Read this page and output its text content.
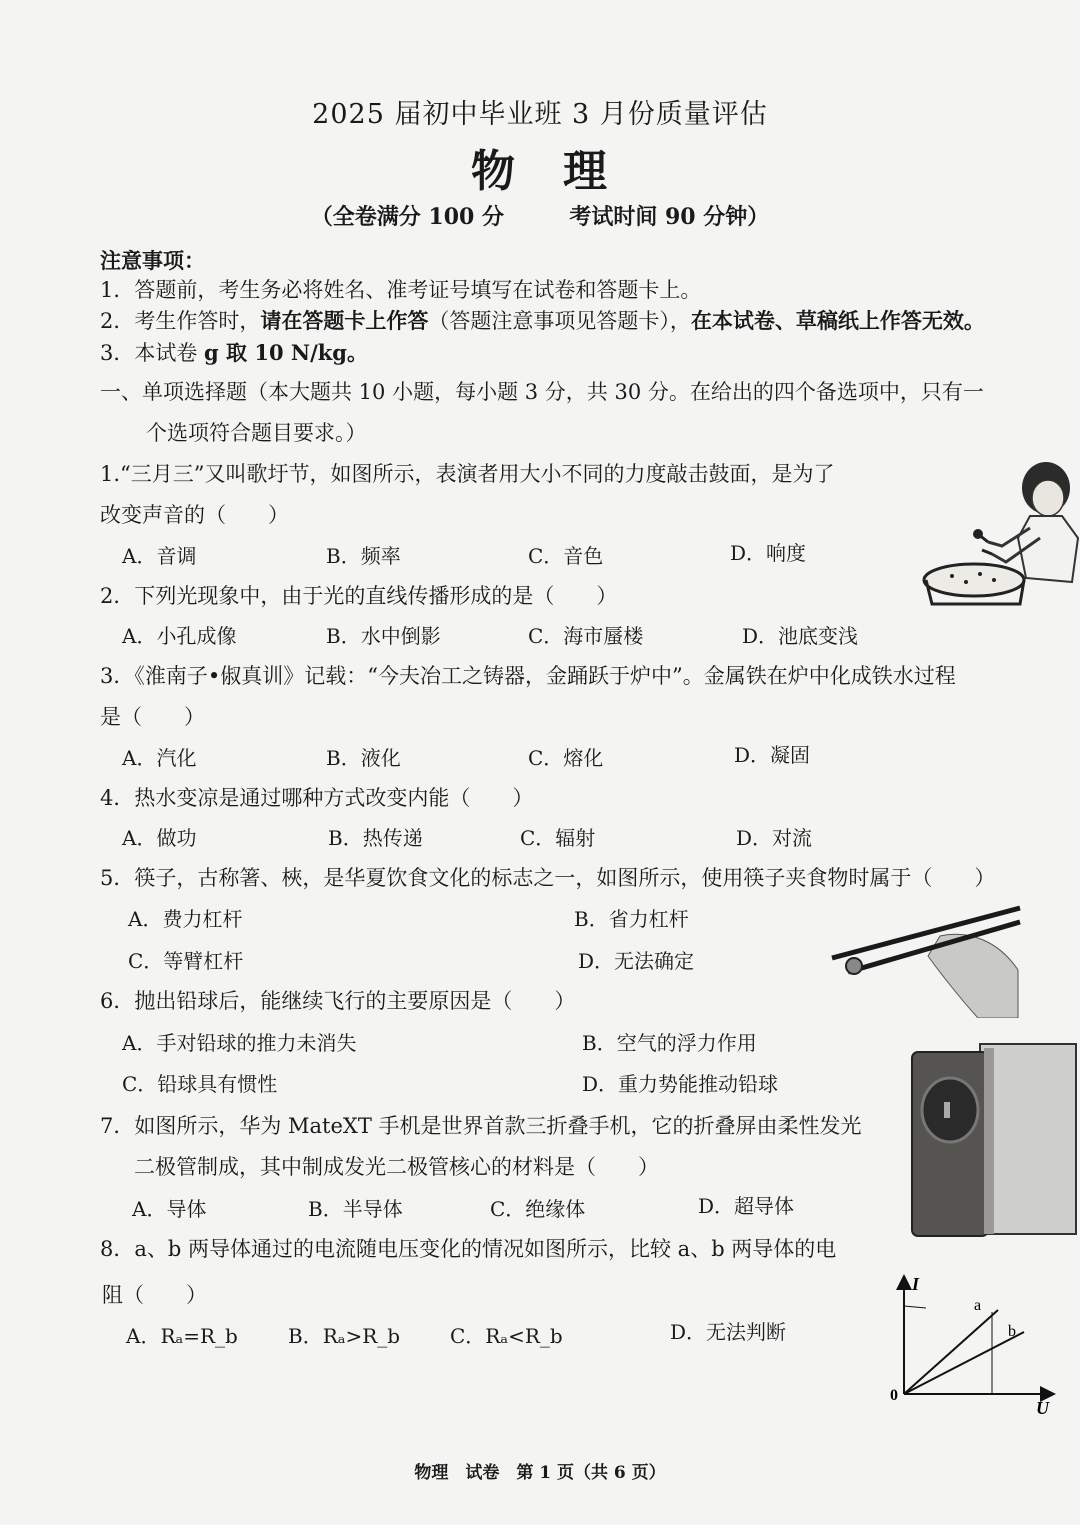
2025 届初中毕业班 3 月份质量评估
物　理
（全卷满分 100 分	考试时间 90 分钟）
注意事项：
1．答题前，考生务必将姓名、准考证号填写在试卷和答题卡上。
2．考生作答时，请在答题卡上作答（答题注意事项见答题卡），在本试卷、草稿纸上作答无效。
3．本试卷 g 取 10 N/kg。
一、单项选择题（本大题共 10 小题，每小题 3 分，共 30 分。在给出的四个备选项中，只有一
个选项符合题目要求。）
1.“三月三”又叫歌圩节，如图所示，表演者用大小不同的力度敲击鼓面，是为了
改变声音的（　　）
A．音调	B．频率	C．音色	D．响度
2．下列光现象中，由于光的直线传播形成的是（　　）
A．小孔成像	B．水中倒影	C．海市蜃楼	D．池底变浅
3．《淮南子•俶真训》记载：“今夫冶工之铸器，金踊跃于炉中”。金属铁在炉中化成铁水过程
是（　　）
A．汽化	B．液化	C．熔化	D．凝固
4．热水变凉是通过哪种方式改变内能（　　）
A．做功	B．热传递	C．辐射	D．对流
5．筷子，古称箸、梜，是华夏饮食文化的标志之一，如图所示，使用筷子夹食物时属于（　　）
A．费力杠杆	B．省力杠杆
C．等臂杠杆	D．无法确定
6．抛出铅球后，能继续飞行的主要原因是（　　）
A．手对铅球的推力未消失	B．空气的浮力作用
C．铅球具有惯性	D．重力势能推动铅球
7．如图所示，华为 MateXT 手机是世界首款三折叠手机，它的折叠屏由柔性发光
二极管制成，其中制成发光二极管核心的材料是（　　）
A．导体	B．半导体	C．绝缘体	D．超导体
8．a、b 两导体通过的电流随电压变化的情况如图所示，比较 a、b 两导体的电
阻（　　）
A．Rₐ=R_b	B．Rₐ>R_b C．Rₐ<R_b	D．无法判断
I
U
0
a
b
物理　试卷　第 1 页（共 6 页）
